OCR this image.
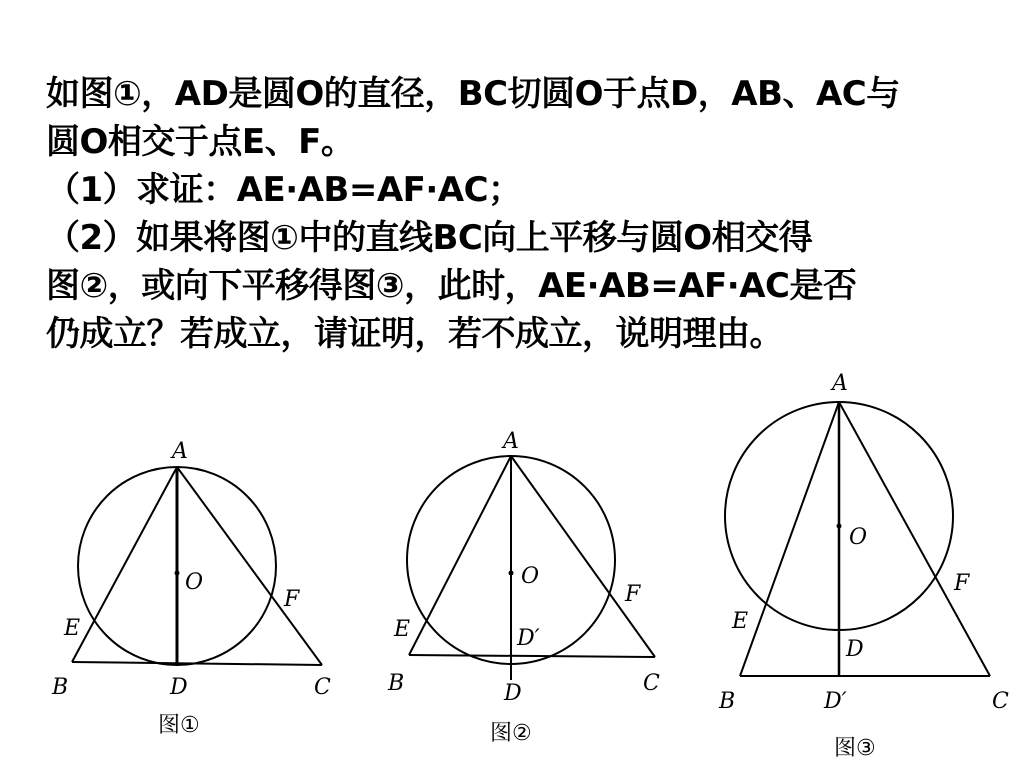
如图①，AD是圆O的直径，BC切圆O于点D，AB、AC与
圆O相交于点E、F。
（1）求证：AE·AB=AF·AC；
（2）如果将图①中的直线BC向上平移与圆O相交得
图②，或向下平移得图③，此时，AE·AB=AF·AC是否
仍成立？若成立，请证明，若不成立，说明理由。
A
O
E
F
B	D	C
图①
A
O
E
F
D′
B	D	C
图②
A
O
E
F
D
B	D′	C
图③
